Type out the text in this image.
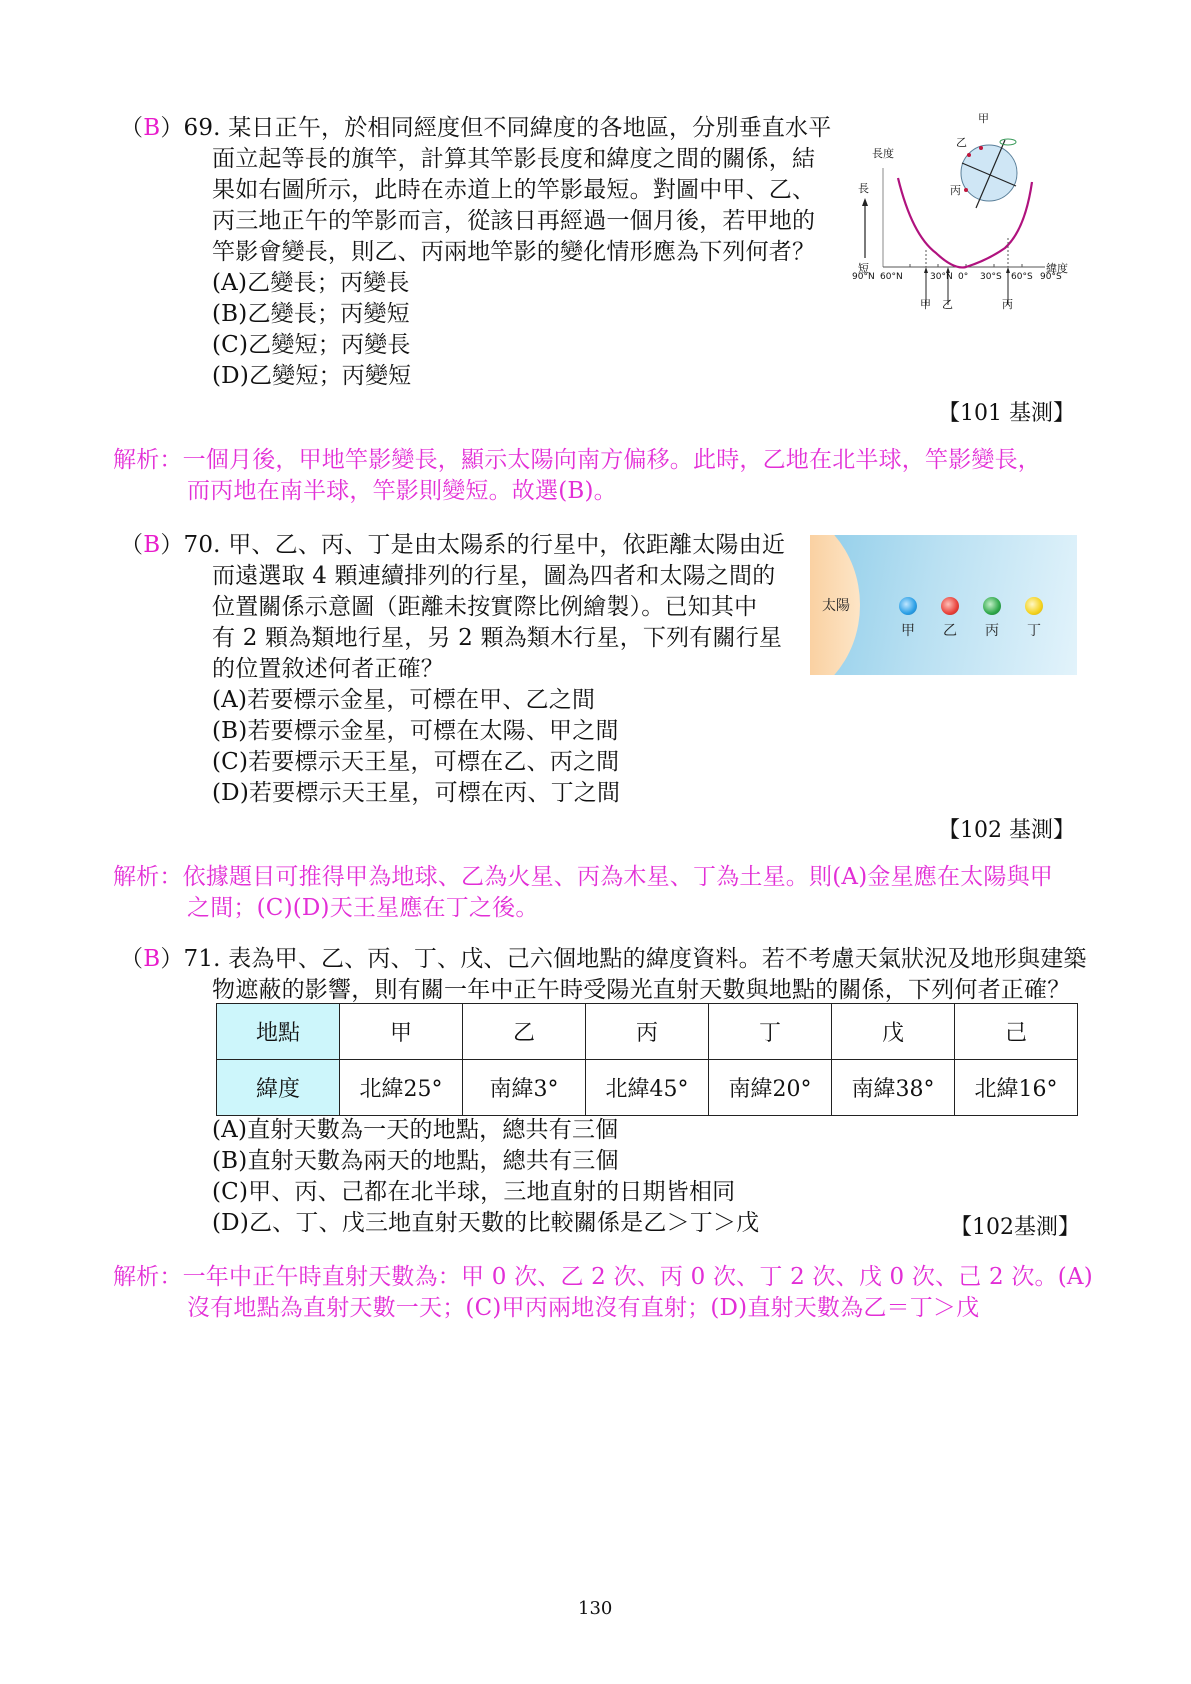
（B）69. 某日正午，於相同經度但不同緯度的各地區，分別垂直水平
面立起等長的旗竿，計算其竿影長度和緯度之間的關係，結
果如右圖所示，此時在赤道上的竿影最短。對圖中甲、乙、
丙三地正午的竿影而言，從該日再經過一個月後，若甲地的
竿影會變長，則乙、丙兩地竿影的變化情形應為下列何者？
(A)乙變長；丙變長
(B)乙變長；丙變短
(C)乙變短；丙變長
(D)乙變短；丙變短
【101 基測】
長度
長
短	緯度
90°N 60°N	30°N 0° 30°S 60°S 90°S
甲 乙	丙
甲
乙
丙
解析：一個月後，甲地竿影變長，顯示太陽向南方偏移。此時，乙地在北半球，竿影變長，
而丙地在南半球，竿影則變短。故選(B)。
（B）70. 甲、乙、丙、丁是由太陽系的行星中，依距離太陽由近
而遠選取 4 顆連續排列的行星，圖為四者和太陽之間的
位置關係示意圖（距離未按實際比例繪製）。已知其中
有 2 顆為類地行星，另 2 顆為類木行星，下列有關行星
的位置敘述何者正確？
(A)若要標示金星，可標在甲、乙之間
(B)若要標示金星，可標在太陽、甲之間
(C)若要標示天王星，可標在乙、丙之間
(D)若要標示天王星，可標在丙、丁之間
【102 基測】
太陽
甲 乙 丙 丁
解析：依據題目可推得甲為地球、乙為火星、丙為木星、丁為土星。則(A)金星應在太陽與甲
之間；(C)(D)天王星應在丁之後。
（B）71. 表為甲、乙、丙、丁、戊、己六個地點的緯度資料。若不考慮天氣狀況及地形與建築
物遮蔽的影響，則有關一年中正午時受陽光直射天數與地點的關係，下列何者正確？
地點	甲	乙	丙	丁	戊	己
緯度	北緯25°	南緯3°	北緯45°	南緯20°	南緯38°	北緯16°
(A)直射天數為一天的地點，總共有三個
(B)直射天數為兩天的地點，總共有三個
(C)甲、丙、己都在北半球，三地直射的日期皆相同
(D)乙、丁、戊三地直射天數的比較關係是乙＞丁＞戊	【102基測】
解析：一年中正午時直射天數為：甲 0 次、乙 2 次、丙 0 次、丁 2 次、戊 0 次、己 2 次。(A)
沒有地點為直射天數一天；(C)甲丙兩地沒有直射；(D)直射天數為乙＝丁＞戊
130
